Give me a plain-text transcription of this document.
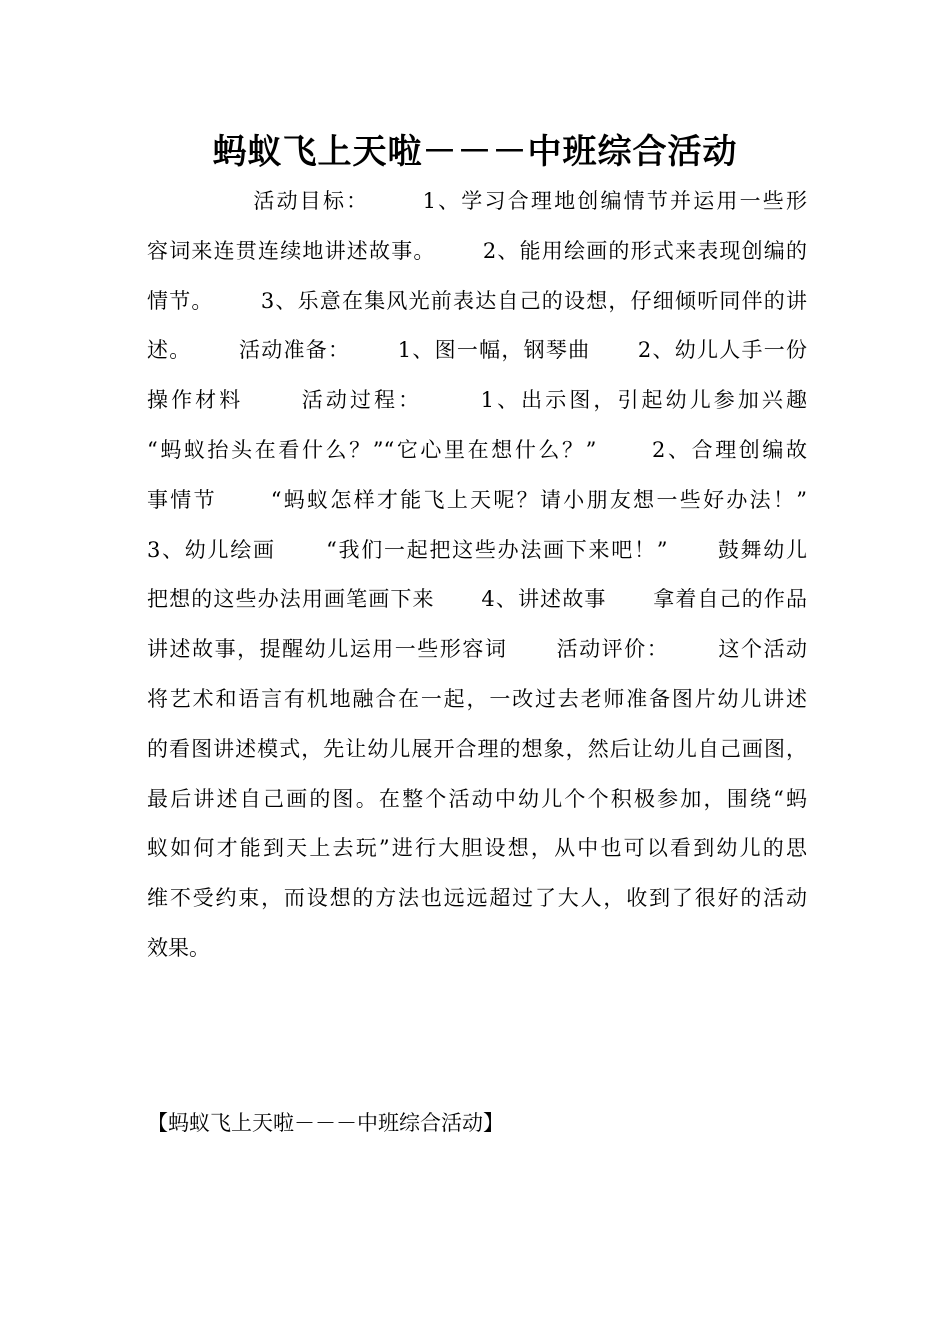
蚂蚁飞上天啦－－－中班综合活动
活动目标：      1、学习合理地创编情节并运用一些形
容词来连贯连续地讲述故事。      2、能用绘画的形式来表现创编的
情节。      3、乐意在集风光前表达自己的设想，仔细倾听同伴的讲
述。      活动准备：      1、图一幅，钢琴曲      2、幼儿人手一份
操作材料      活动过程：      1、出示图，引起幼儿参加兴趣
“蚂蚁抬头在看什么？”“它心里在想什么？”      2、合理创编故
事情节      “蚂蚁怎样才能飞上天呢？请小朋友想一些好办法！”
3、幼儿绘画      “我们一起把这些办法画下来吧！”      鼓舞幼儿
把想的这些办法用画笔画下来      4、讲述故事      拿着自己的作品
讲述故事，提醒幼儿运用一些形容词      活动评价：      这个活动
将艺术和语言有机地融合在一起，一改过去老师准备图片幼儿讲述
的看图讲述模式，先让幼儿展开合理的想象，然后让幼儿自己画图，
最后讲述自己画的图。在整个活动中幼儿个个积极参加，围绕“蚂
蚁如何才能到天上去玩”进行大胆设想，从中也可以看到幼儿的思
维不受约束，而设想的方法也远远超过了大人，收到了很好的活动
效果。
【蚂蚁飞上天啦－－－中班综合活动】
